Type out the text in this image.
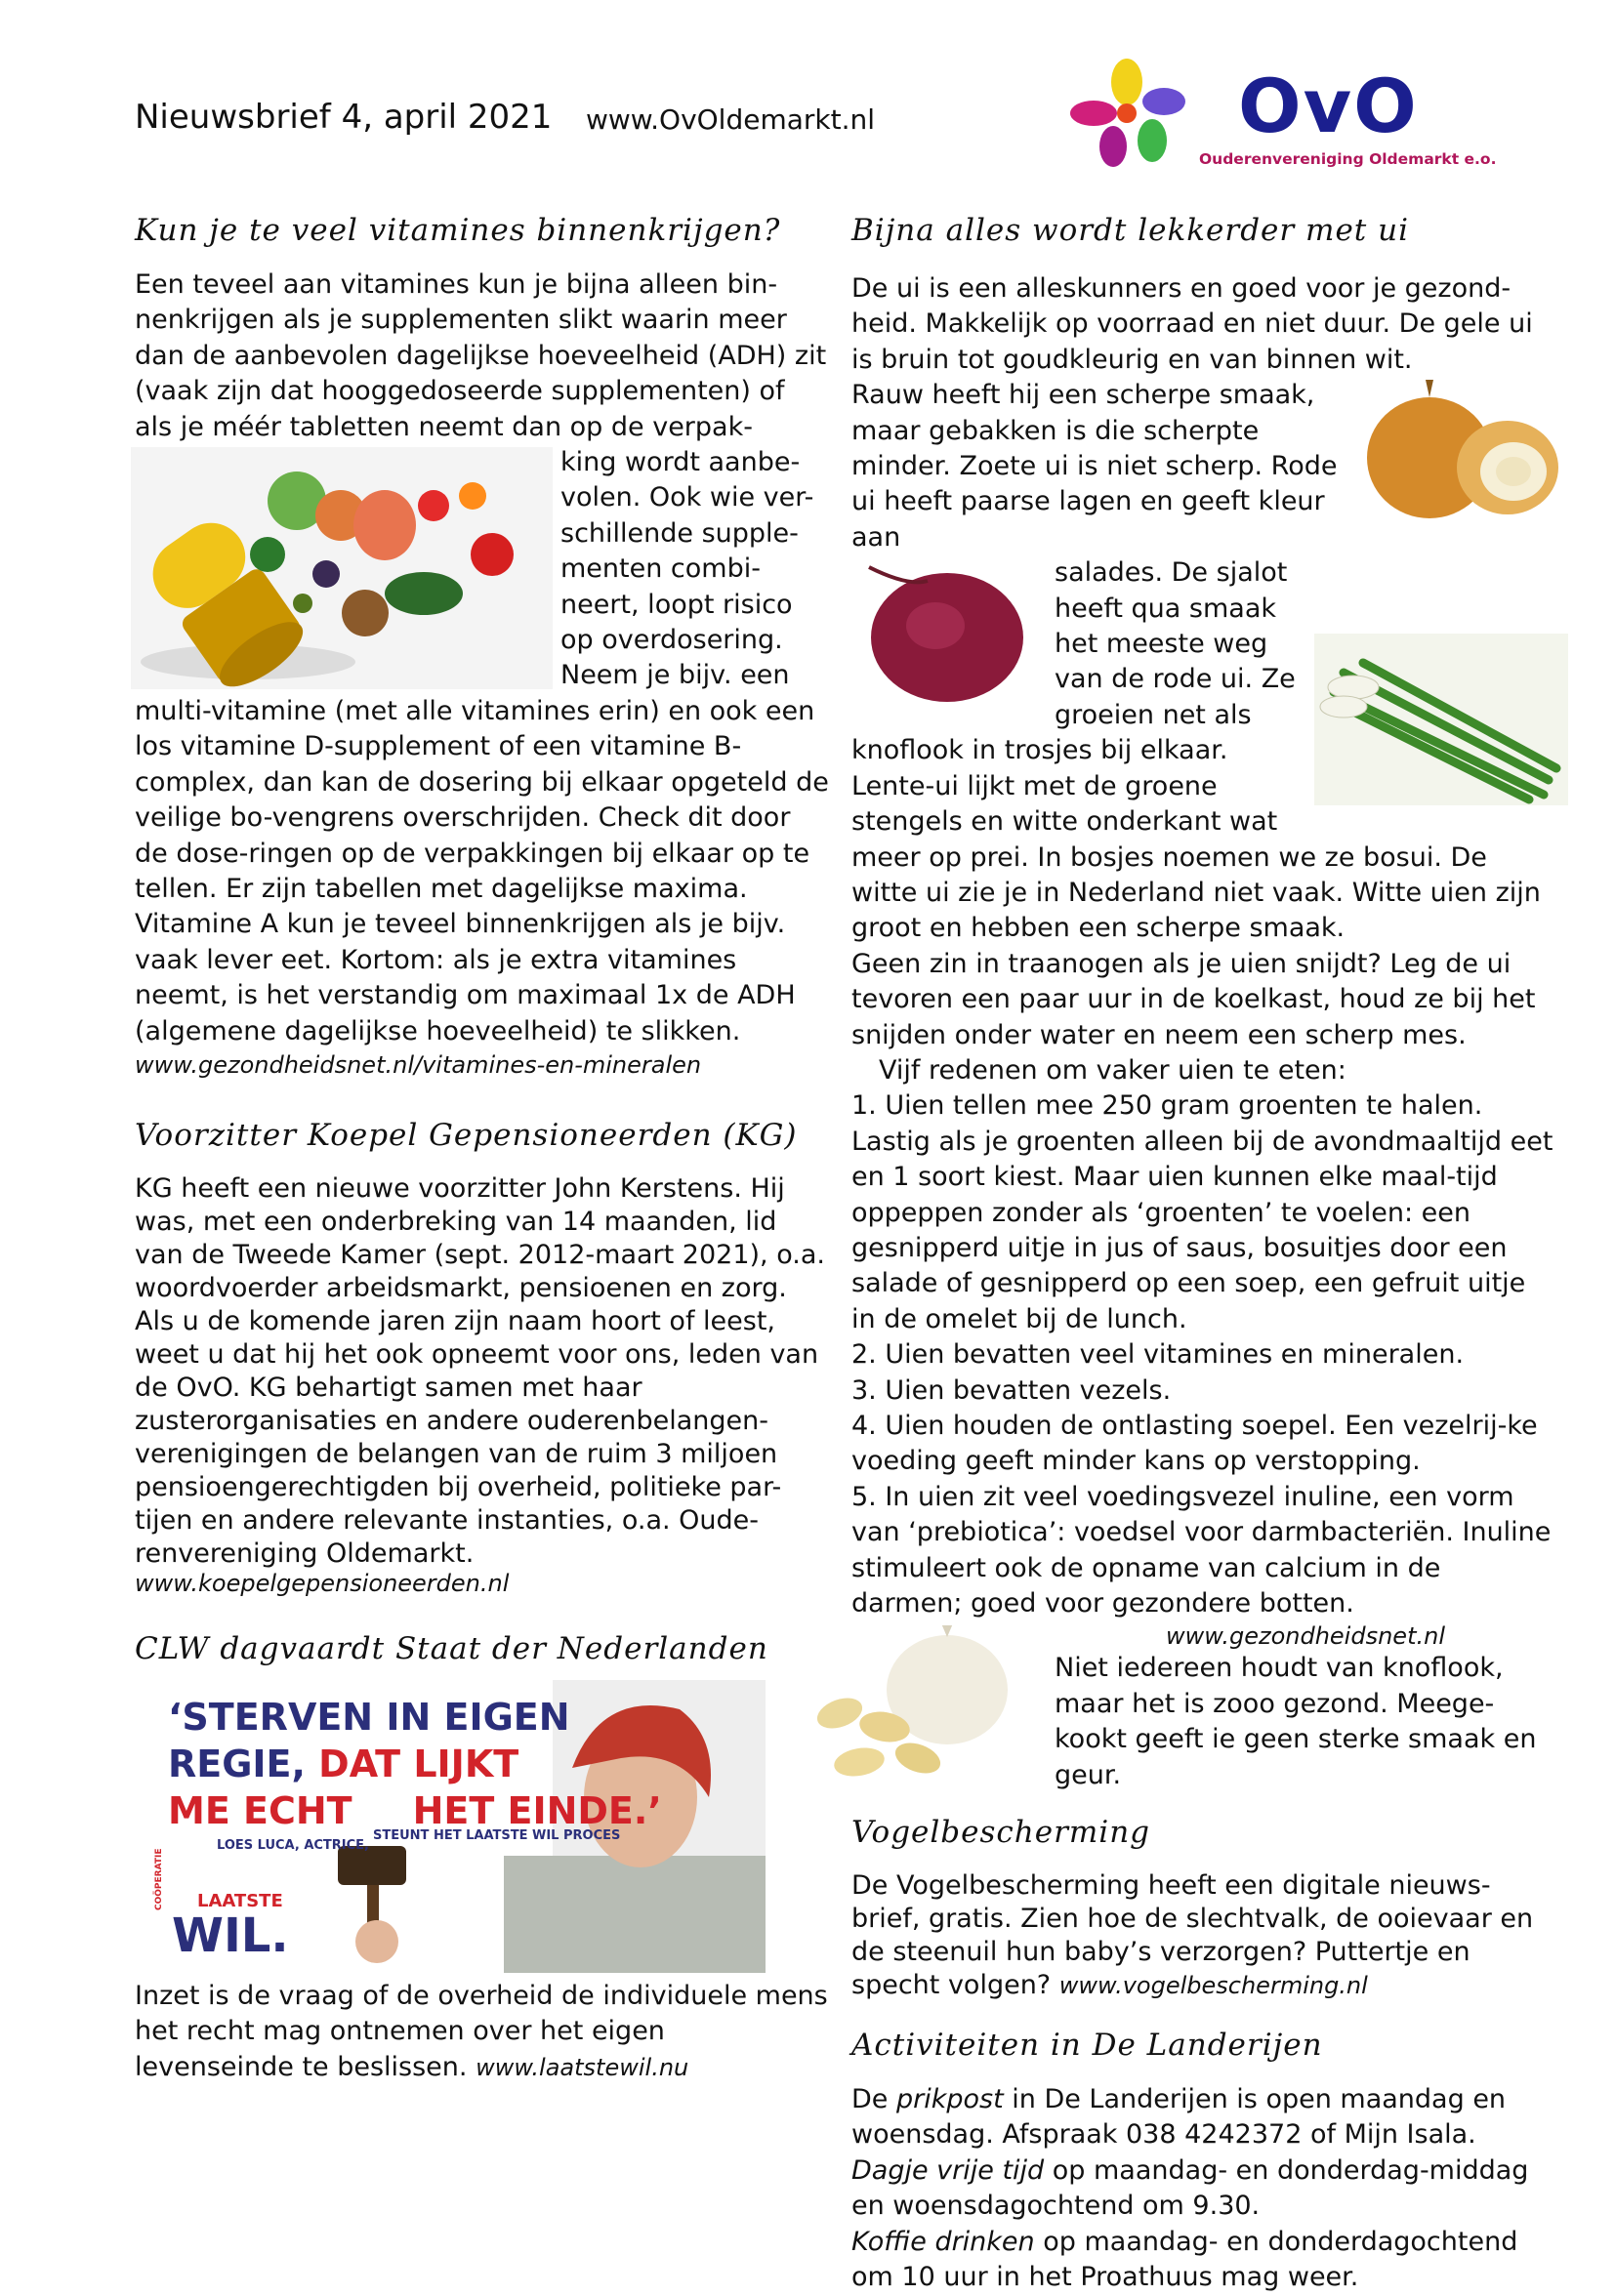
Nieuwsbrief 4, april 2021 www.OvOldemarkt.nl	OvO
Ouderenvereniging Oldemarkt e.o.
Kun je te veel vitamines binnenkrijgen?

Een teveel aan vitamines kun je bijna alleen bin-nenkrijgen als je supplementen slikt waarin meer dan de aanbevolen dagelijkse hoeveelheid (ADH) zit (vaak zijn dat hooggedoseerde supplementen) of als je méér tabletten neemt dan op de verpak-

king wordt aanbe-volen. Ook wie ver-schillende supple-menten combi-neert, loopt risico op overdosering. Neem je bijv. een multi-vitamine (met alle vitamines erin) en ook een los vitamine D-supplement of een vitamine B-complex, dan kan de dosering bij elkaar opgeteld de veilige bo-vengrens overschrijden. Check dit door de dose-ringen op de verpakkingen bij elkaar op te tellen. Er zijn tabellen met dagelijkse maxima. Vitamine A kun je teveel binnenkrijgen als je bijv. vaak lever eet. Kortom: als je extra vitamines neemt, is het verstandig om maximaal 1x de ADH (algemene dagelijkse hoeveelheid) te slikken.

www.gezondheidsnet.nl/vitamines-en-mineralen

Voorzitter Koepel Gepensioneerden (KG)

KG heeft een nieuwe voorzitter John Kerstens. Hij was, met een onderbreking van 14 maanden, lid van de Tweede Kamer (sept. 2012-maart 2021), o.a. woordvoerder arbeidsmarkt, pensioenen en zorg. Als u de komende jaren zijn naam hoort of leest, weet u dat hij het ook opneemt voor ons, leden van de OvO. KG behartigt samen met haar zusterorganisaties en andere ouderenbelangen-verenigingen de belangen van de ruim 3 miljoen pensioengerechtigden bij overheid, politieke par-tijen en andere relevante instanties, o.a. Oude-renvereniging Oldemarkt.

www.koepelgepensioneerden.nl

CLW dagvaardt Staat der Nederlanden
‘STERVEN IN EIGEN
REGIE, DAT LIJKT
ME ECHT HET EINDE.’
LOES LUCA, ACTRICE,
STEUNT HET LAATSTE WIL PROCES
COÖPERATIE LAATSTE
WIL.

Inzet is de vraag of de overheid de individuele mens het recht mag ontnemen over het eigen levenseinde te beslissen. www.laatstewil.nu

Bijna alles wordt lekkerder met ui

De ui is een alleskunners en goed voor je gezond-heid. Makkelijk op voorraad en niet duur. De gele ui is bruin tot goudkleurig en van binnen wit.

Rauw heeft hij een scherpe smaak, maar gebakken is die scherpte minder. Zoete ui is niet scherp. Rode ui heeft paarse lagen en geeft kleur aan

salades. De sjalot heeft qua smaak het meeste weg van de rode ui. Ze groeien net als knoflook in trosjes bij elkaar. Lente-ui lijkt met de groene stengels en witte onderkant wat meer op prei. In bosjes noemen we ze bosui. De witte ui zie je in Nederland niet vaak. Witte uien zijn groot en hebben een scherpe smaak.

Geen zin in traanogen als je uien snijdt? Leg de ui tevoren een paar uur in de koelkast, houd ze bij het snijden onder water en neem een scherp mes.

Vijf redenen om vaker uien te eten:

1. Uien tellen mee 250 gram groenten te halen. Lastig als je groenten alleen bij de avondmaaltijd eet en 1 soort kiest. Maar uien kunnen elke maal-tijd oppeppen zonder als ‘groenten’ te voelen: een gesnipperd uitje in jus of saus, bosuitjes door een salade of gesnipperd op een soep, een gefruit uitje in de omelet bij de lunch.

2. Uien bevatten veel vitamines en mineralen.

3. Uien bevatten vezels.

4. Uien houden de ontlasting soepel. Een vezelrij-ke voeding geeft minder kans op verstopping.

5. In uien zit veel voedingsvezel inuline, een vorm van ‘prebiotica’: voedsel voor darmbacteriën. Inuline stimuleert ook de opname van calcium in de darmen; goed voor gezondere botten.

www.gezondheidsnet.nl

Niet iedereen houdt van knoflook, maar het is zooo gezond. Meege-kookt geeft ie geen sterke smaak en geur.

Vogelbescherming

De Vogelbescherming heeft een digitale nieuws-brief, gratis. Zien hoe de slechtvalk, de ooievaar en de steenuil hun baby’s verzorgen? Puttertje en specht volgen? www.vogelbescherming.nl

Activiteiten in De Landerijen

De prikpost in De Landerijen is open maandag en woensdag. Afspraak 038 4242372 of Mijn Isala.

Dagje vrije tijd op maandag- en donderdag-middag en woensdagochtend om 9.30.

Koffie drinken op maandag- en donderdagochtend om 10 uur in het Proathuus mag weer.
